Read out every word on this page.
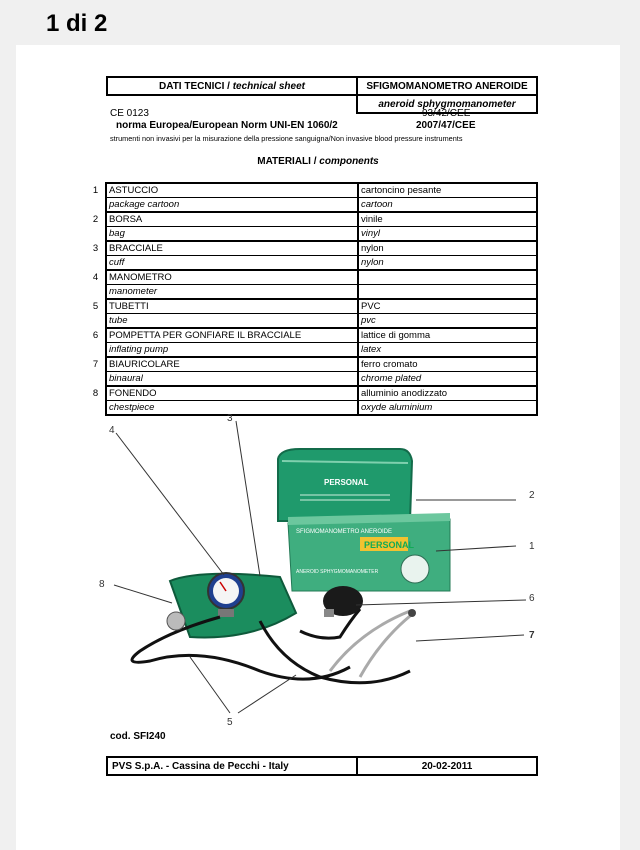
1 di 2
DATI TECNICI / technical sheet	SFIGMOMANOMETRO ANEROIDE
	aneroid sphygmomanometer
CE 0123	93/42/CEE
norma Europea/European Norm UNI-EN 1060/2	2007/47/CEE
strumenti non invasivi per la misurazione della pressione sanguigna/Non invasive blood pressure instruments
MATERIALI / components
1	ASTUCCIO	cartoncino pesante
	package cartoon	cartoon
2	BORSA	vinile
	bag	vinyl
3	BRACCIALE	nylon
	cuff	nylon
4	MANOMETRO	
	manometer	
5	TUBETTI	PVC
	tube	pvc
6	POMPETTA PER GONFIARE IL BRACCIALE	lattice di gomma
	inflating pump	latex
7	BIAURICOLARE	ferro cromato
	binaural	chrome plated
8	FONENDO	alluminio anodizzato
	chestpiece	oxyde aluminium
PERSONAL
PERSONAL
SFIGMOMANOMETRO ANEROIDE
ANEROID SPHYGMOMANOMETER
4
3
8
2
1
6
7
5
cod. SFI240
PVS S.p.A. - Cassina de Pecchi - Italy	20-02-2011
